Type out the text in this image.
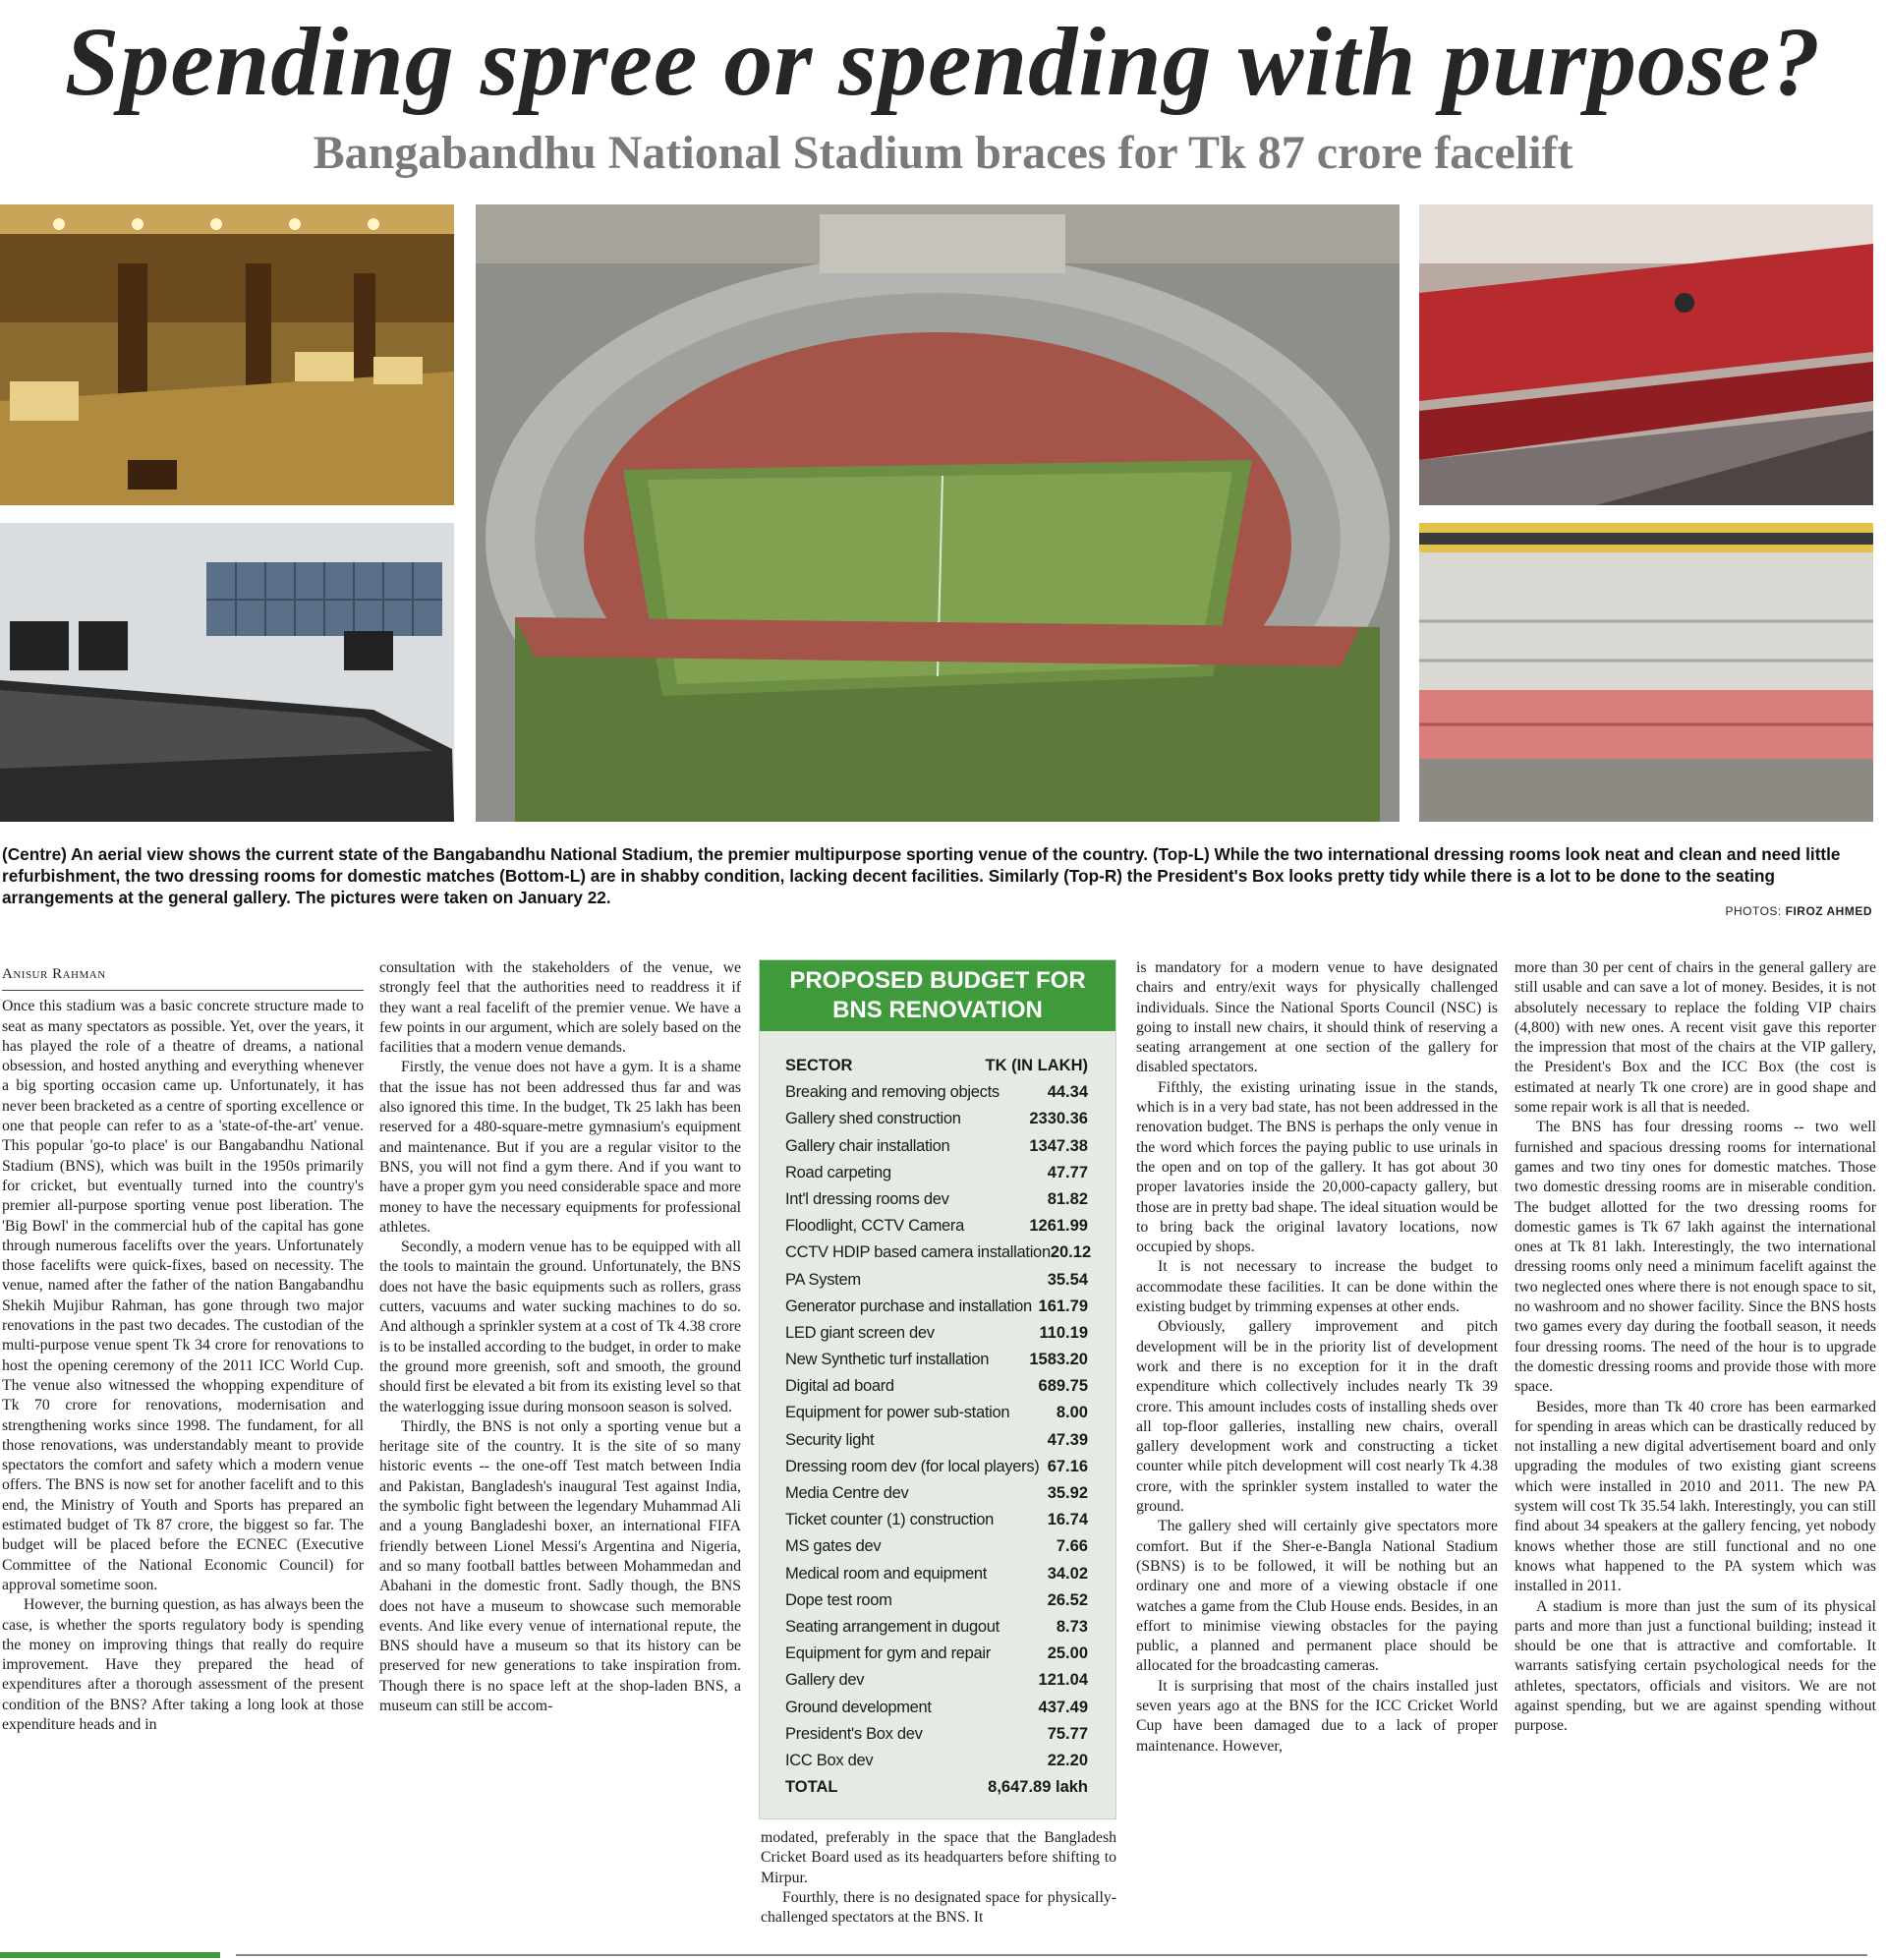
Spending spree or spending with purpose?
Bangabandhu National Stadium braces for Tk 87 crore facelift

(Centre) An aerial view shows the current state of the Bangabandhu National Stadium, the premier multipurpose sporting venue of the country. (Top-L) While the two international dressing rooms look neat and clean and need little refurbishment, the two dressing rooms for domestic matches (Bottom-L) are in shabby condition, lacking decent facilities. Similarly (Top-R) the President's Box looks pretty tidy while there is a lot to be done to the seating arrangements at the general gallery. The pictures were taken on January 22.

PHOTOS: FIROZ AHMED
Anisur Rahman

Once this stadium was a basic concrete structure made to seat as many spectators as possible. Yet, over the years, it has played the role of a theatre of dreams, a national obsession, and hosted anything and everything whenever a big sporting occasion came up. Unfortunately, it has never been bracketed as a centre of sporting excellence or one that people can refer to as a 'state-of-the-art' venue. This popular 'go-to place' is our Bangabandhu National Stadium (BNS), which was built in the 1950s primarily for cricket, but eventually turned into the country's premier all-purpose sporting venue post liberation. The 'Big Bowl' in the commercial hub of the capital has gone through numerous facelifts over the years. Unfortunately those facelifts were quick-fixes, based on necessity. The venue, named after the father of the nation Bangabandhu Shekih Mujibur Rahman, has gone through two major renovations in the past two decades. The custodian of the multi-purpose venue spent Tk 34 crore for renovations to host the opening ceremony of the 2011 ICC World Cup. The venue also witnessed the whopping expenditure of Tk 70 crore for renovations, modernisation and strengthening works since 1998. The fundament, for all those renovations, was understandably meant to provide spectators the comfort and safety which a modern venue offers. The BNS is now set for another facelift and to this end, the Ministry of Youth and Sports has prepared an estimated budget of Tk 87 crore, the biggest so far. The budget will be placed before the ECNEC (Executive Committee of the National Economic Council) for approval sometime soon.

However, the burning question, as has always been the case, is whether the sports regulatory body is spending the money on improving things that really do require improvement. Have they prepared the head of expenditures after a thorough assessment of the present condition of the BNS? After taking a long look at those expenditure heads and in

consultation with the stakeholders of the venue, we strongly feel that the authorities need to readdress it if they want a real facelift of the premier venue. We have a few points in our argument, which are solely based on the facilities that a modern venue demands.

Firstly, the venue does not have a gym. It is a shame that the issue has not been addressed thus far and was also ignored this time. In the budget, Tk 25 lakh has been reserved for a 480-square-metre gymnasium's equipment and maintenance. But if you are a regular visitor to the BNS, you will not find a gym there. And if you want to have a proper gym you need considerable space and more money to have the necessary equipments for professional athletes.

Secondly, a modern venue has to be equipped with all the tools to maintain the ground. Unfortunately, the BNS does not have the basic equipments such as rollers, grass cutters, vacuums and water sucking machines to do so. And although a sprinkler system at a cost of Tk 4.38 crore is to be installed according to the budget, in order to make the ground more greenish, soft and smooth, the ground should first be elevated a bit from its existing level so that the waterlogging issue during monsoon season is solved.

Thirdly, the BNS is not only a sporting venue but a heritage site of the country. It is the site of so many historic events -- the one-off Test match between India and Pakistan, Bangladesh's inaugural Test against India, the symbolic fight between the legendary Muhammad Ali and a young Bangladeshi boxer, an international FIFA friendly between Lionel Messi's Argentina and Nigeria, and so many football battles between Mohammedan and Abahani in the domestic front. Sadly though, the BNS does not have a museum to showcase such memorable events. And like every venue of international repute, the BNS should have a museum so that its history can be preserved for new generations to take inspiration from. Though there is no space left at the shop-laden BNS, a museum can still be accom-

PROPOSED BUDGET FOR
BNS RENOVATION
SECTOR	TK (IN LAKH)
Breaking and removing objects	44.34
Gallery shed construction	2330.36
Gallery chair installation	1347.38
Road carpeting	47.77
Int'l dressing rooms dev	81.82
Floodlight, CCTV Camera	1261.99
CCTV HDIP based camera installation 20.12
PA System	35.54
Generator purchase and installation 161.79
LED giant screen dev	110.19
New Synthetic turf installation 1583.20
Digital ad board	689.75
Equipment for power sub-station	8.00
Security light	47.39
Dressing room dev (for local players) 67.16
Media Centre dev	35.92
Ticket counter (1) construction	16.74
MS gates dev	7.66
Medical room and equipment	34.02
Dope test room	26.52
Seating arrangement in dugout	8.73
Equipment for gym and repair	25.00
Gallery dev	121.04
Ground development	437.49
President's Box dev	75.77
ICC Box dev	22.20
TOTAL	8,647.89 lakh

modated, preferably in the space that the Bangladesh Cricket Board used as its headquarters before shifting to Mirpur.

Fourthly, there is no designated space for physically-challenged spectators at the BNS. It

is mandatory for a modern venue to have designated chairs and entry/exit ways for physically challenged individuals. Since the National Sports Council (NSC) is going to install new chairs, it should think of reserving a seating arrangement at one section of the gallery for disabled spectators.

Fifthly, the existing urinating issue in the stands, which is in a very bad state, has not been addressed in the renovation budget. The BNS is perhaps the only venue in the word which forces the paying public to use urinals in the open and on top of the gallery. It has got about 30 proper lavatories inside the 20,000-capacty gallery, but those are in pretty bad shape. The ideal situation would be to bring back the original lavatory locations, now occupied by shops.

It is not necessary to increase the budget to accommodate these facilities. It can be done within the existing budget by trimming expenses at other ends.

Obviously, gallery improvement and pitch development will be in the priority list of development work and there is no exception for it in the draft expenditure which collectively includes nearly Tk 39 crore. This amount includes costs of installing sheds over all top-floor galleries, installing new chairs, overall gallery development work and constructing a ticket counter while pitch development will cost nearly Tk 4.38 crore, with the sprinkler system installed to water the ground.

The gallery shed will certainly give spectators more comfort. But if the Sher-e-Bangla National Stadium (SBNS) is to be followed, it will be nothing but an ordinary one and more of a viewing obstacle if one watches a game from the Club House ends. Besides, in an effort to minimise viewing obstacles for the paying public, a planned and permanent place should be allocated for the broadcasting cameras.

It is surprising that most of the chairs installed just seven years ago at the BNS for the ICC Cricket World Cup have been damaged due to a lack of proper maintenance. However,

more than 30 per cent of chairs in the general gallery are still usable and can save a lot of money. Besides, it is not absolutely necessary to replace the folding VIP chairs (4,800) with new ones. A recent visit gave this reporter the impression that most of the chairs at the VIP gallery, the President's Box and the ICC Box (the cost is estimated at nearly Tk one crore) are in good shape and some repair work is all that is needed.

The BNS has four dressing rooms -- two well furnished and spacious dressing rooms for international games and two tiny ones for domestic matches. Those two domestic dressing rooms are in miserable condition. The budget allotted for the two dressing rooms for domestic games is Tk 67 lakh against the international ones at Tk 81 lakh. Interestingly, the two international dressing rooms only need a minimum facelift against the two neglected ones where there is not enough space to sit, no washroom and no shower facility. Since the BNS hosts two games every day during the football season, it needs four dressing rooms. The need of the hour is to upgrade the domestic dressing rooms and provide those with more space.

Besides, more than Tk 40 crore has been earmarked for spending in areas which can be drastically reduced by not installing a new digital advertisement board and only upgrading the modules of two existing giant screens which were installed in 2010 and 2011. The new PA system will cost Tk 35.54 lakh. Interestingly, you can still find about 34 speakers at the gallery fencing, yet nobody knows whether those are still functional and no one knows what happened to the PA system which was installed in 2011.

A stadium is more than just the sum of its physical parts and more than just a functional building; instead it should be one that is attractive and comfortable. It warrants satisfying certain psychological needs for the athletes, spectators, officials and visitors. We are not against spending, but we are against spending without purpose.
